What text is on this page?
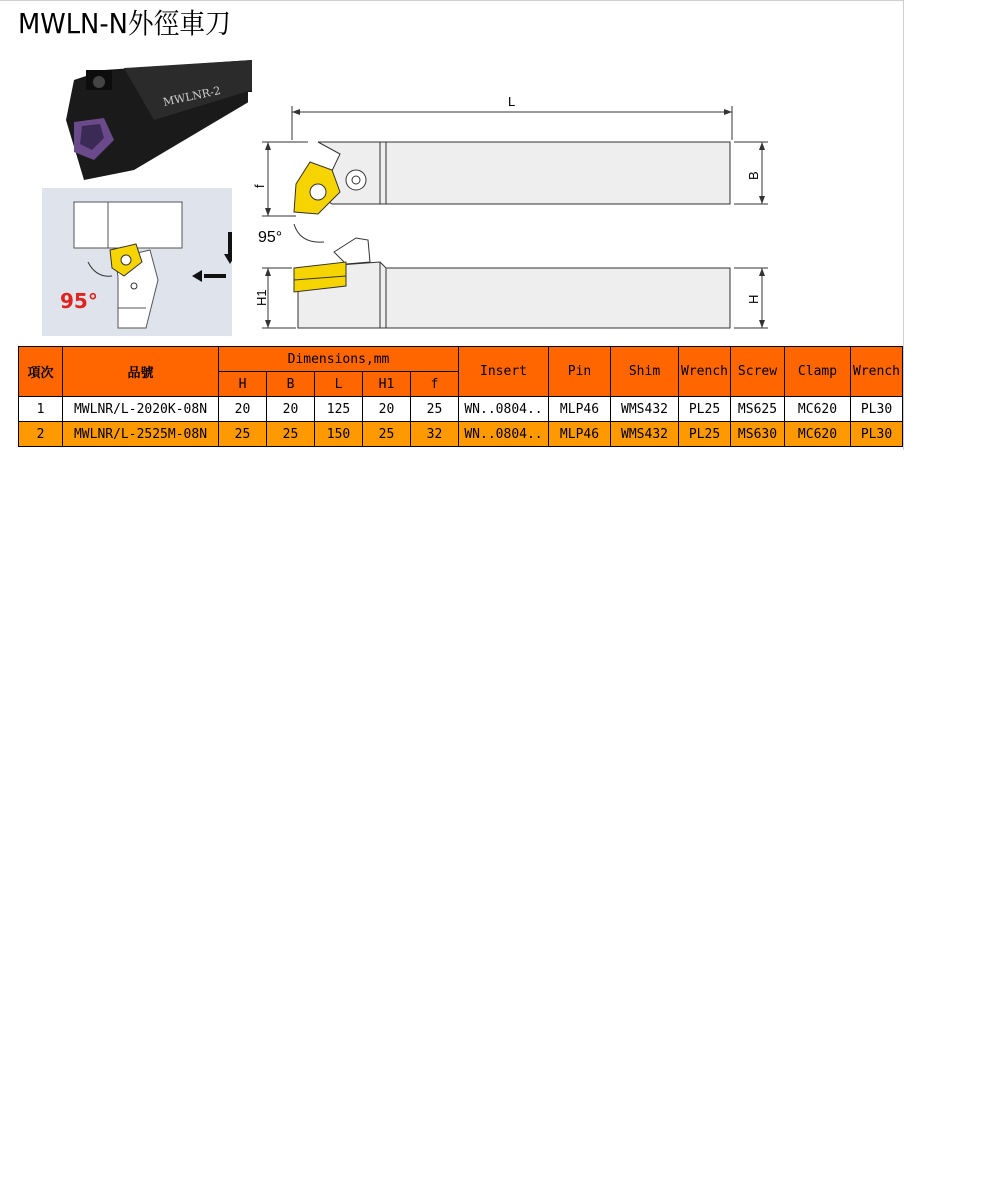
MWLN-N外徑車刀
MWLNR-2
95°
L
f
B
95°
H1	H
項次	品號	Dimensions,mm					Insert	Pin	Shim	Wrench	Screw	Clamp	Wrench
		H	B	L	H1	f							
1	MWLNR/L-2020K-08N	20	20	125	20	25	WN..0804..	MLP46	WMS432	PL25	MS625	MC620	PL30
2	MWLNR/L-2525M-08N	25	25	150	25	32	WN..0804..	MLP46	WMS432	PL25	MS630	MC620	PL30
